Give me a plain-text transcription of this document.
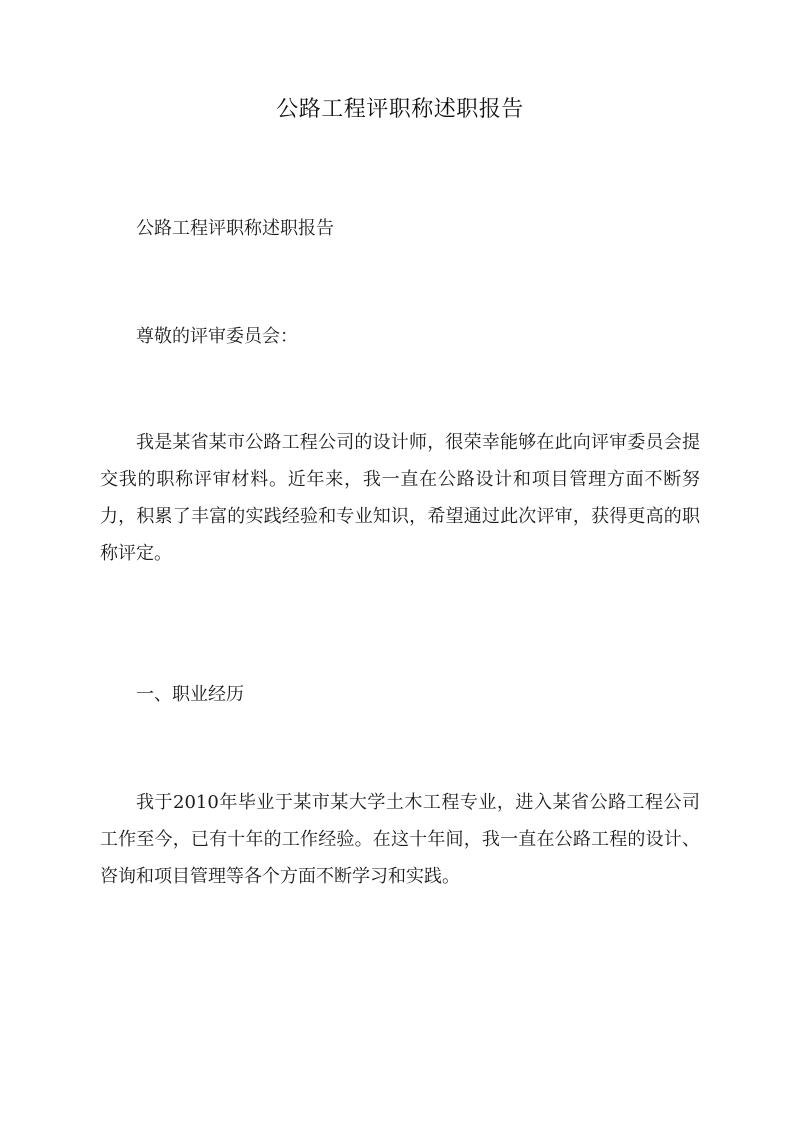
公路工程评职称述职报告

公路工程评职称述职报告

尊敬的评审委员会：

我是某省某市公路工程公司的设计师，很荣幸能够在此向评审委员会提交我的职称评审材料。近年来，我一直在公路设计和项目管理方面不断努力，积累了丰富的实践经验和专业知识，希望通过此次评审，获得更高的职称评定。

一、职业经历

我于2010年毕业于某市某大学土木工程专业，进入某省公路工程公司工作至今，已有十年的工作经验。在这十年间，我一直在公路工程的设计、咨询和项目管理等各个方面不断学习和实践。
